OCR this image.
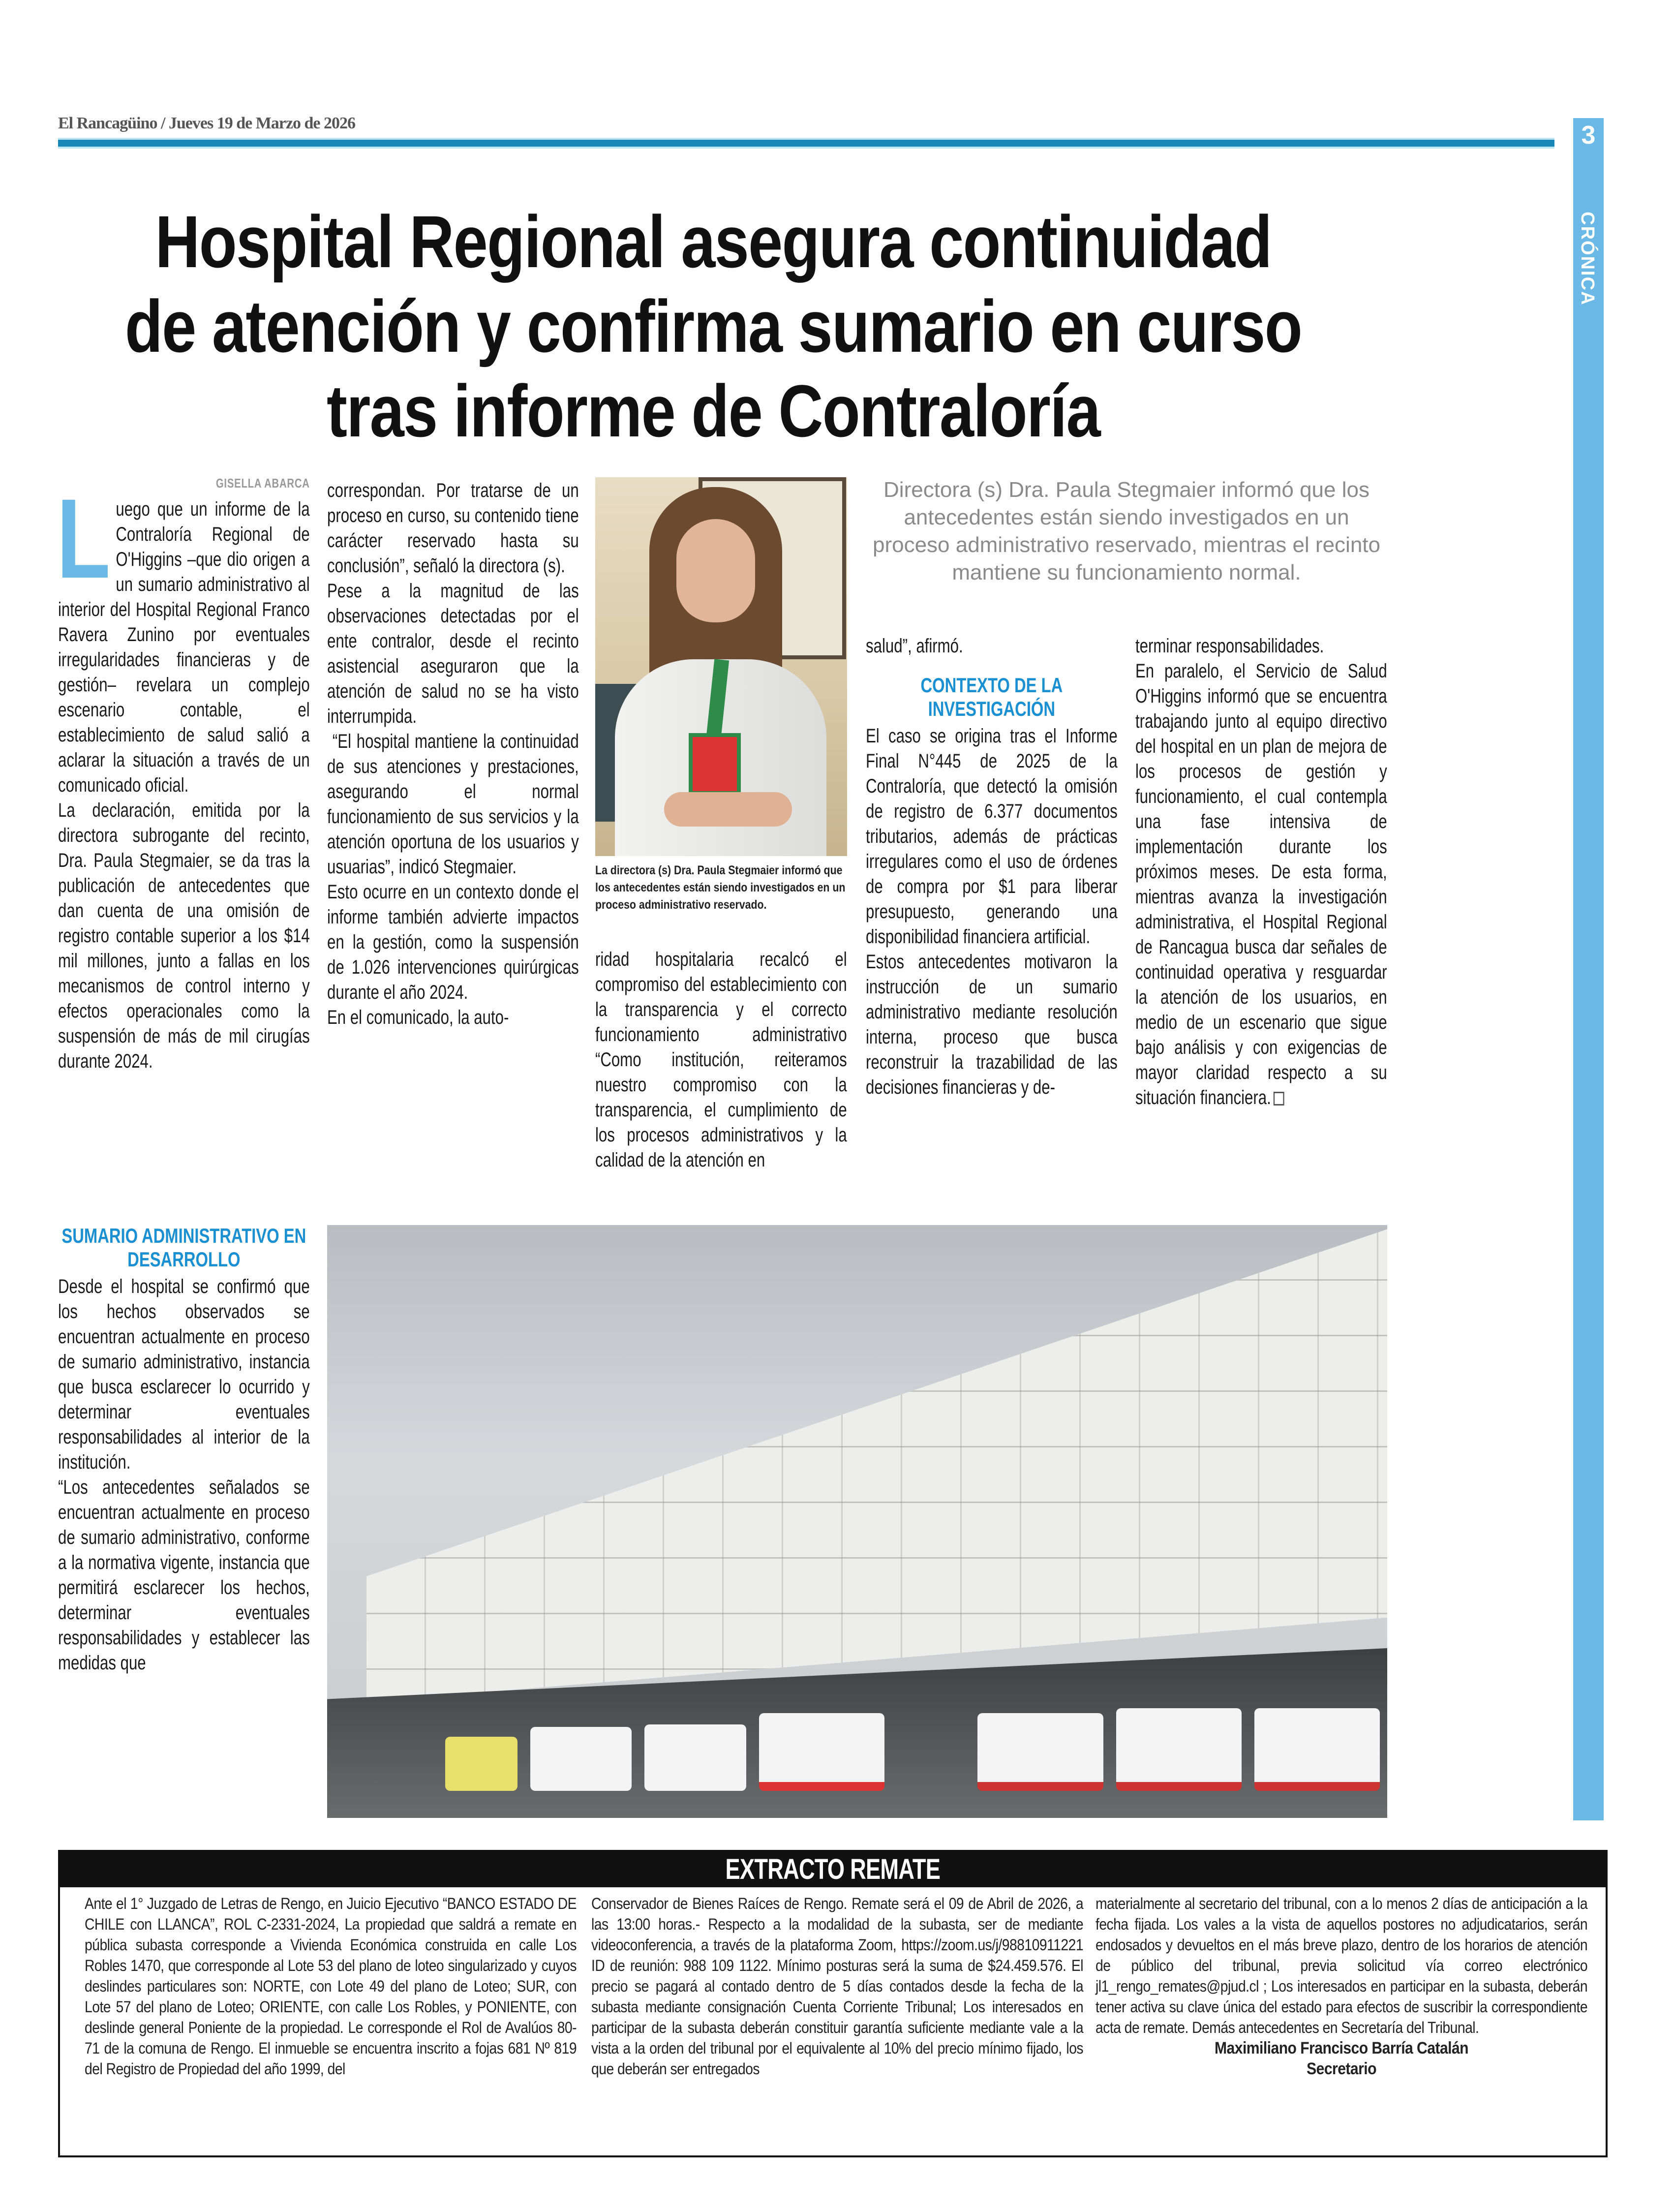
El Rancagüino / Jueves 19 de Marzo de 2026	3
CRÓNICA
Hospital Regional asegura continuidad
de atención y confirma sumario en curso
tras informe de Contraloría
GISELLA ABARCA

Luego que un informe de la Contraloría Regional de O'Higgins –que dio origen a un sumario administrativo al interior del Hospital Regional Franco Ravera Zunino por eventuales irregularidades financieras y de gestión– revelara un complejo escenario contable, el establecimiento de salud salió a aclarar la situación a través de un comunicado oficial.

La declaración, emitida por la directora subrogante del recinto, Dra. Paula Stegmaier, se da tras la publicación de antecedentes que dan cuenta de una omisión de registro contable superior a los $14 mil millones, junto a fallas en los mecanismos de control interno y efectos operacionales como la suspensión de más de mil cirugías durante 2024.

SUMARIO ADMINISTRATIVO EN DESARROLLO

Desde el hospital se confirmó que los hechos observados se encuentran actualmente en proceso de sumario administrativo, instancia que busca esclarecer lo ocurrido y determinar eventuales responsabilidades al interior de la institución.

“Los antecedentes señalados se encuentran actualmente en proceso de sumario administrativo, conforme a la normativa vigente, instancia que permitirá esclarecer los hechos, determinar eventuales responsabilidades y establecer las medidas que

correspondan. Por tratarse de un proceso en curso, su contenido tiene carácter reservado hasta su conclusión”, señaló la directora (s).

Pese a la magnitud de las observaciones detectadas por el ente contralor, desde el recinto asistencial aseguraron que la atención de salud no se ha visto interrumpida.

“El hospital mantiene la continuidad de sus atenciones y prestaciones, asegurando el normal funcionamiento de sus servicios y la atención oportuna de los usuarios y usuarias”, indicó Stegmaier.

Esto ocurre en un contexto donde el informe también advierte impactos en la gestión, como la suspensión de 1.026 intervenciones quirúrgicas durante el año 2024.

En el comunicado, la auto-

La directora (s) Dra. Paula Stegmaier informó que los antecedentes están siendo investigados en un proceso administrativo reservado.
Directora (s) Dra. Paula Stegmaier informó que los antecedentes están siendo investigados en un proceso administrativo reservado, mientras el recinto mantiene su funcionamiento normal.

ridad hospitalaria recalcó el compromiso del establecimiento con la transparencia y el correcto funcionamiento administrativo “Como institución, reiteramos nuestro compromiso con la transparencia, el cumplimiento de los procesos administrativos y la calidad de la atención en

salud”, afirmó.

CONTEXTO DE LA INVESTIGACIÓN

El caso se origina tras el Informe Final N°445 de 2025 de la Contraloría, que detectó la omisión de registro de 6.377 documentos tributarios, además de prácticas irregulares como el uso de órdenes de compra por $1 para liberar presupuesto, generando una disponibilidad financiera artificial.

Estos antecedentes motivaron la instrucción de un sumario administrativo mediante resolución interna, proceso que busca reconstruir la trazabilidad de las decisiones financieras y de-

terminar responsabilidades.

En paralelo, el Servicio de Salud O'Higgins informó que se encuentra trabajando junto al equipo directivo del hospital en un plan de mejora de los procesos de gestión y funcionamiento, el cual contempla una fase intensiva de implementación durante los próximos meses. De esta forma, mientras avanza la investigación administrativa, el Hospital Regional de Rancagua busca dar señales de continuidad operativa y resguardar la atención de los usuarios, en medio de un escenario que sigue bajo análisis y con exigencias de mayor claridad respecto a su situación financiera.

EXTRACTO REMATE
Ante el 1° Juzgado de Letras de Rengo, en Juicio Ejecutivo “BANCO ESTADO DE CHILE con LLANCA”, ROL C-2331-2024, La propiedad que saldrá a remate en pública subasta corresponde a Vivienda Económica construida en calle Los Robles 1470, que corresponde al Lote 53 del plano de loteo singularizado y cuyos deslindes particulares son: NORTE, con Lote 49 del plano de Loteo; SUR, con Lote 57 del plano de Loteo; ORIENTE, con calle Los Robles, y PONIENTE, con deslinde general Poniente de la propiedad. Le corresponde el Rol de Avalúos 80-71 de la comuna de Rengo. El inmueble se encuentra inscrito a fojas 681 Nº 819 del Registro de Propiedad del año 1999, del
Conservador de Bienes Raíces de Rengo. Remate será el 09 de Abril de 2026, a las 13:00 horas.- Respecto a la modalidad de la subasta, ser de mediante videoconferencia, a través de la plataforma Zoom, https://zoom.us/j/98810911221 ID de reunión: 988 109 1122. Mínimo posturas será la suma de $24.459.576. El precio se pagará al contado dentro de 5 días contados desde la fecha de la subasta mediante consignación Cuenta Corriente Tribunal; Los interesados en participar de la subasta deberán constituir garantía suficiente mediante vale a la vista a la orden del tribunal por el equivalente al 10% del precio mínimo fijado, los que deberán ser entregados
materialmente al secretario del tribunal, con a lo menos 2 días de anticipación a la fecha fijada. Los vales a la vista de aquellos postores no adjudicatarios, serán endosados y devueltos en el más breve plazo, dentro de los horarios de atención de público del tribunal, previa solicitud vía correo electrónico jl1_rengo_remates@pjud.cl ; Los interesados en participar en la subasta, deberán tener activa su clave única del estado para efectos de suscribir la correspondiente acta de remate. Demás antecedentes en Secretaría del Tribunal.
Maximiliano Francisco Barría Catalán
Secretario
